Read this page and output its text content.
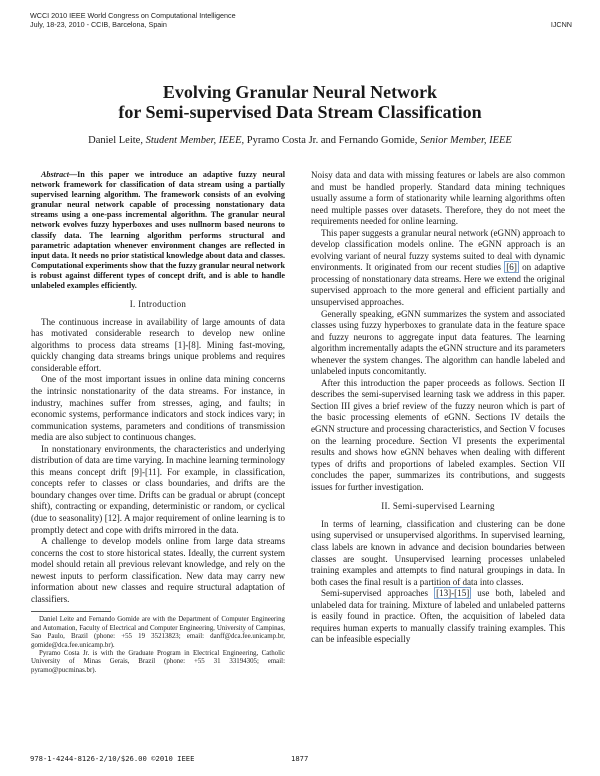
WCCI 2010 IEEE World Congress on Computational Intelligence
July, 18-23, 2010 - CCIB, Barcelona, Spain	IJCNN
Evolving Granular Neural Network
for Semi-supervised Data Stream Classification
Daniel Leite, Student Member, IEEE, Pyramo Costa Jr. and Fernando Gomide, Senior Member, IEEE

Abstract—In this paper we introduce an adaptive fuzzy neural network framework for classification of data stream using a partially supervised learning algorithm. The framework consists of an evolving granular neural network capable of processing nonstationary data streams using a one-pass incremental algorithm. The granular neural network evolves fuzzy hyperboxes and uses nullnorm based neurons to classify data. The learning algorithm performs structural and parametric adaptation whenever environment changes are reflected in input data. It needs no prior statistical knowledge about data and classes. Computational experiments show that the fuzzy granular neural network is robust against different types of concept drift, and is able to handle unlabeled examples efficiently.

I. Introduction

The continuous increase in availability of large amounts of data has motivated considerable research to develop new online algorithms to process data streams [1]-[8]. Mining fast-moving, quickly changing data streams brings unique problems and requires considerable effort.

One of the most important issues in online data mining concerns the intrinsic nonstationarity of the data streams. For instance, in industry, machines suffer from stresses, aging, and faults; in economic systems, performance indicators and stock indices vary; in communication systems, parameters and conditions of transmission media are also subject to continuous changes.

In nonstationary environments, the characteristics and underlying distribution of data are time varying. In machine learning terminology this means concept drift [9]-[11]. For example, in classification, concepts refer to classes or class boundaries, and drifts are the boundary changes over time. Drifts can be gradual or abrupt (concept shift), contracting or expanding, deterministic or random, or cyclical (due to seasonality) [12]. A major requirement of online learning is to promptly detect and cope with drifts mirrored in the data.

A challenge to develop models online from large data streams concerns the cost to store historical states. Ideally, the current system model should retain all previous relevant knowledge, and rely on the newest inputs to perform classification. New data may carry new information about new classes and require structural adaptation of classifiers.

Daniel Leite and Fernando Gomide are with the Department of Computer Engineering and Automation, Faculty of Electrical and Computer Engineering, University of Campinas, Sao Paulo, Brazil (phone: +55 19 35213823; email: danff@dca.fee.unicamp.br, gomide@dca.fee.unicamp.br).

Pyramo Costa Jr. is with the Graduate Program in Electrical Engineering, Catholic University of Minas Gerais, Brazil (phone: +55 31 33194305; email: pyramo@pucminas.br).

Noisy data and data with missing features or labels are also common and must be handled properly. Standard data mining techniques usually assume a form of stationarity while learning algorithms often need multiple passes over datasets. Therefore, they do not meet the requirements needed for online learning.

This paper suggests a granular neural network (eGNN) approach to develop classification models online. The eGNN approach is an evolving variant of neural fuzzy systems suited to deal with dynamic environments. It originated from our recent studies [6] on adaptive processing of nonstationary data streams. Here we extend the original supervised approach to the more general and efficient partially and unsupervised approaches.

Generally speaking, eGNN summarizes the system and associated classes using fuzzy hyperboxes to granulate data in the feature space and fuzzy neurons to aggregate input data features. The learning algorithm incrementally adapts the eGNN structure and its parameters whenever the system changes. The algorithm can handle labeled and unlabeled inputs concomitantly.

After this introduction the paper proceeds as follows. Section II describes the semi-supervised learning task we address in this paper. Section III gives a brief review of the fuzzy neuron which is part of the basic processing elements of eGNN. Sections IV details the eGNN structure and processing characteristics, and Section V focuses on the learning procedure. Section VI presents the experimental results and shows how eGNN behaves when dealing with different types of drifts and proportions of labeled examples. Section VII concludes the paper, summarizes its contributions, and suggests issues for further investigation.

II. Semi-supervised Learning

In terms of learning, classification and clustering can be done using supervised or unsupervised algorithms. In supervised learning, class labels are known in advance and decision boundaries between classes are sought. Unsupervised learning processes unlabeled training examples and attempts to find natural groupings in data. In both cases the final result is a partition of data into classes.

Semi-supervised approaches [13]-[15] use both, labeled and unlabeled data for training. Mixture of labeled and unlabeled patterns is easily found in practice. Often, the acquisition of labeled data requires human experts to manually classify training examples. This can be infeasible especially

978-1-4244-8126-2/10/$26.00 ©2010 IEEE	1877
